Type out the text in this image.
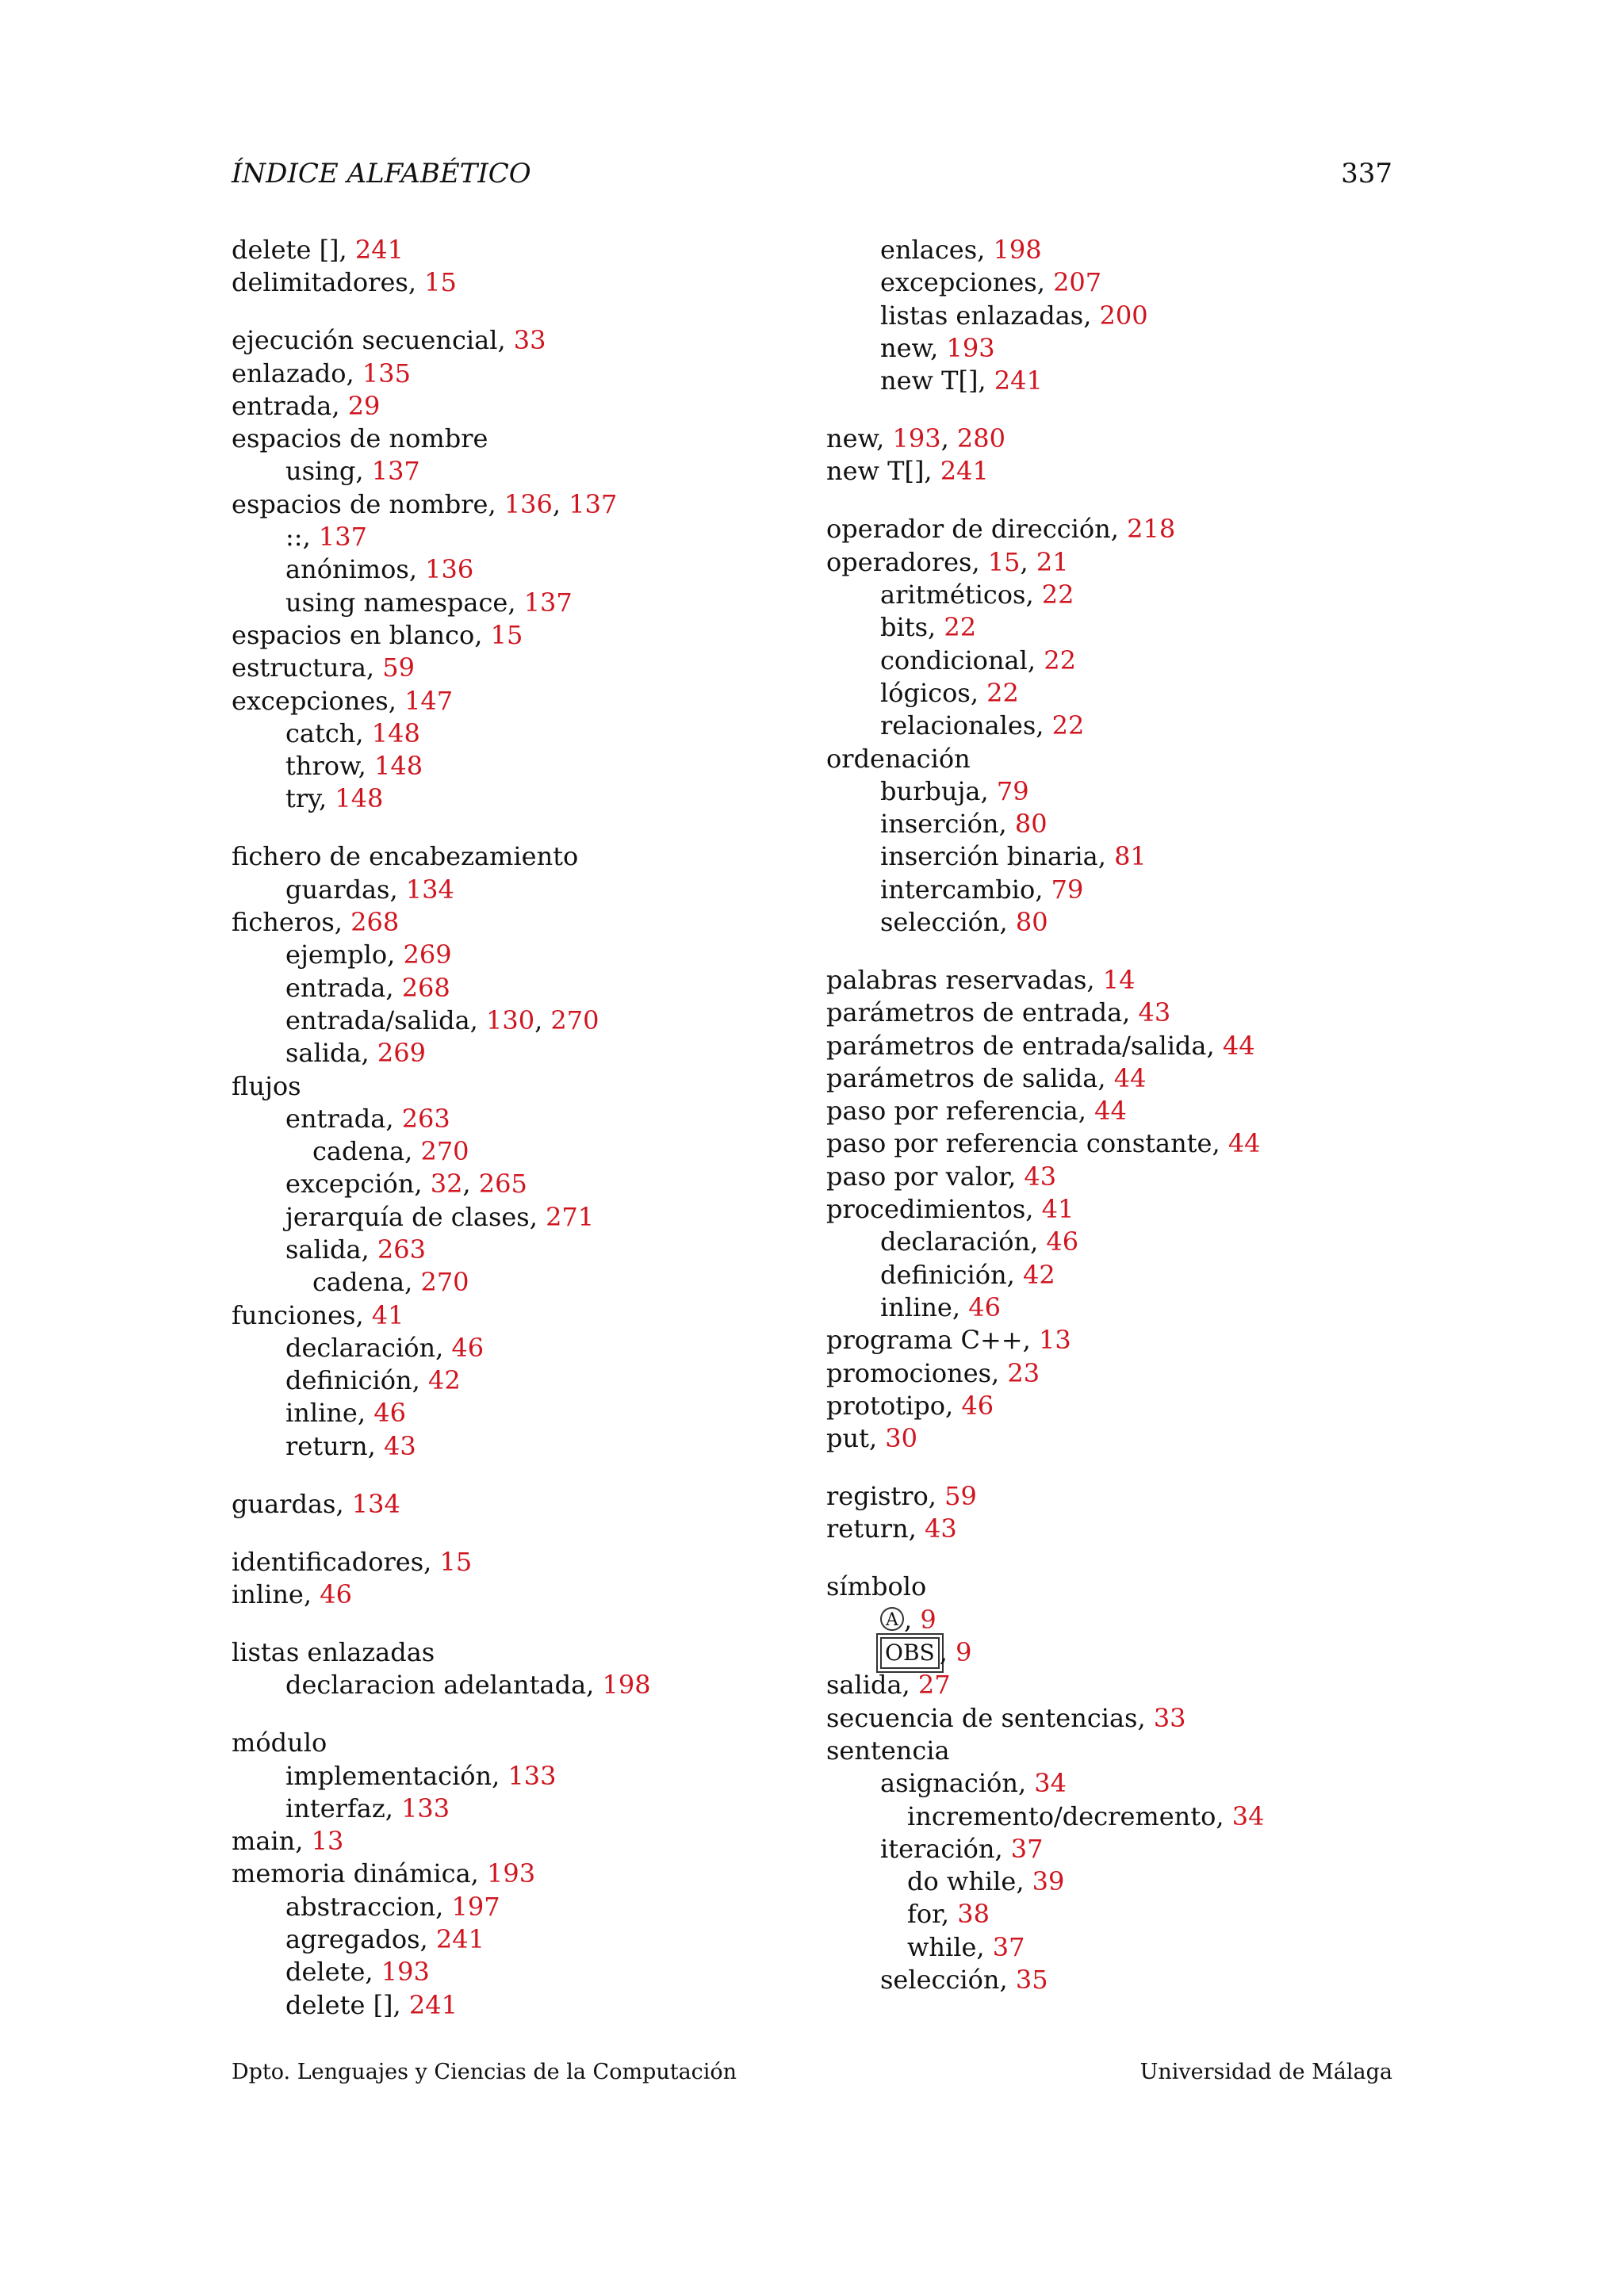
ÍNDICE ALFABÉTICO	337
delete [], 241
delimitadores, 15
ejecución secuencial, 33
enlazado, 135
entrada, 29
espacios de nombre
using, 137
espacios de nombre, 136, 137
::, 137
anónimos, 136
using namespace, 137
espacios en blanco, 15
estructura, 59
excepciones, 147
catch, 148
throw, 148
try, 148
fichero de encabezamiento
guardas, 134
ficheros, 268
ejemplo, 269
entrada, 268
entrada/salida, 130, 270
salida, 269
flujos
entrada, 263
cadena, 270
excepción, 32, 265
jerarquía de clases, 271
salida, 263
cadena, 270
funciones, 41
declaración, 46
definición, 42
inline, 46
return, 43
guardas, 134
identificadores, 15
inline, 46
listas enlazadas
declaracion adelantada, 198
módulo
implementación, 133
interfaz, 133
main, 13
memoria dinámica, 193
abstraccion, 197
agregados, 241
delete, 193
delete [], 241
enlaces, 198
excepciones, 207
listas enlazadas, 200
new, 193
new T[], 241
new, 193, 280
new T[], 241
operador de dirección, 218
operadores, 15, 21
aritméticos, 22
bits, 22
condicional, 22
lógicos, 22
relacionales, 22
ordenación
burbuja, 79
inserción, 80
inserción binaria, 81
intercambio, 79
selección, 80
palabras reservadas, 14
parámetros de entrada, 43
parámetros de entrada/salida, 44
parámetros de salida, 44
paso por referencia, 44
paso por referencia constante, 44
paso por valor, 43
procedimientos, 41
declaración, 46
definición, 42
inline, 46
programa C++, 13
promociones, 23
prototipo, 46
put, 30
registro, 59
return, 43
símbolo
A , 9
OBS , 9
salida, 27
secuencia de sentencias, 33
sentencia
asignación, 34
incremento/decremento, 34
iteración, 37
do while, 39
for, 38
while, 37
selección, 35
Dpto. Lenguajes y Ciencias de la Computación	Universidad de Málaga
